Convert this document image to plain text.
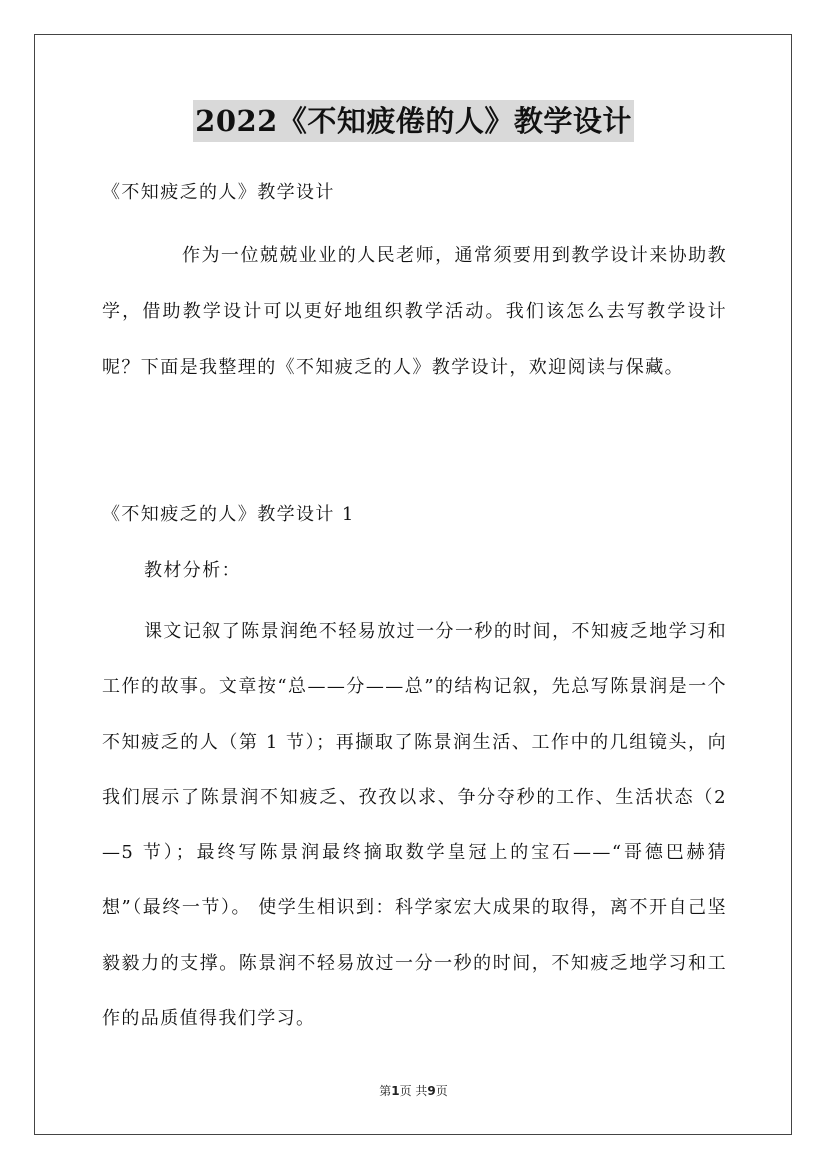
2022《不知疲倦的人》教学设计
《不知疲乏的人》教学设计
作为一位兢兢业业的人民老师，通常须要用到教学设计来协助教学，借助教学设计可以更好地组织教学活动。我们该怎么去写教学设计呢？下面是我整理的《不知疲乏的人》教学设计，欢迎阅读与保藏。
《不知疲乏的人》教学设计 1
教材分析：
课文记叙了陈景润绝不轻易放过一分一秒的时间，不知疲乏地学习和工作的故事。文章按“总——分——总”的结构记叙，先总写陈景润是一个不知疲乏的人（第 1 节）；再撷取了陈景润生活、工作中的几组镜头，向我们展示了陈景润不知疲乏、孜孜以求、争分夺秒的工作、生活状态（2—5 节）；最终写陈景润最终摘取数学皇冠上的宝石——“哥德巴赫猜想”（最终一节）。 使学生相识到：科学家宏大成果的取得，离不开自己坚毅毅力的支撑。陈景润不轻易放过一分一秒的时间，不知疲乏地学习和工作的品质值得我们学习。
第1页 共9页
